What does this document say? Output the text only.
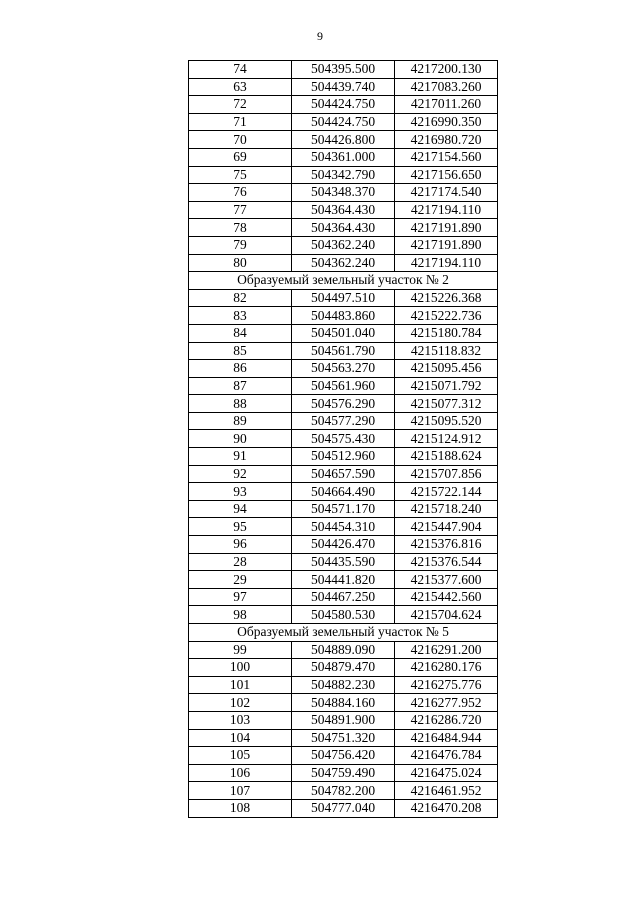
9
74	504395.500	4217200.130
63	504439.740	4217083.260
72	504424.750	4217011.260
71	504424.750	4216990.350
70	504426.800	4216980.720
69	504361.000	4217154.560
75	504342.790	4217156.650
76	504348.370	4217174.540
77	504364.430	4217194.110
78	504364.430	4217191.890
79	504362.240	4217191.890
80	504362.240	4217194.110
Образуемый земельный участок № 2		
82	504497.510	4215226.368
83	504483.860	4215222.736
84	504501.040	4215180.784
85	504561.790	4215118.832
86	504563.270	4215095.456
87	504561.960	4215071.792
88	504576.290	4215077.312
89	504577.290	4215095.520
90	504575.430	4215124.912
91	504512.960	4215188.624
92	504657.590	4215707.856
93	504664.490	4215722.144
94	504571.170	4215718.240
95	504454.310	4215447.904
96	504426.470	4215376.816
28	504435.590	4215376.544
29	504441.820	4215377.600
97	504467.250	4215442.560
98	504580.530	4215704.624
Образуемый земельный участок № 5		
99	504889.090	4216291.200
100	504879.470	4216280.176
101	504882.230	4216275.776
102	504884.160	4216277.952
103	504891.900	4216286.720
104	504751.320	4216484.944
105	504756.420	4216476.784
106	504759.490	4216475.024
107	504782.200	4216461.952
108	504777.040	4216470.208
